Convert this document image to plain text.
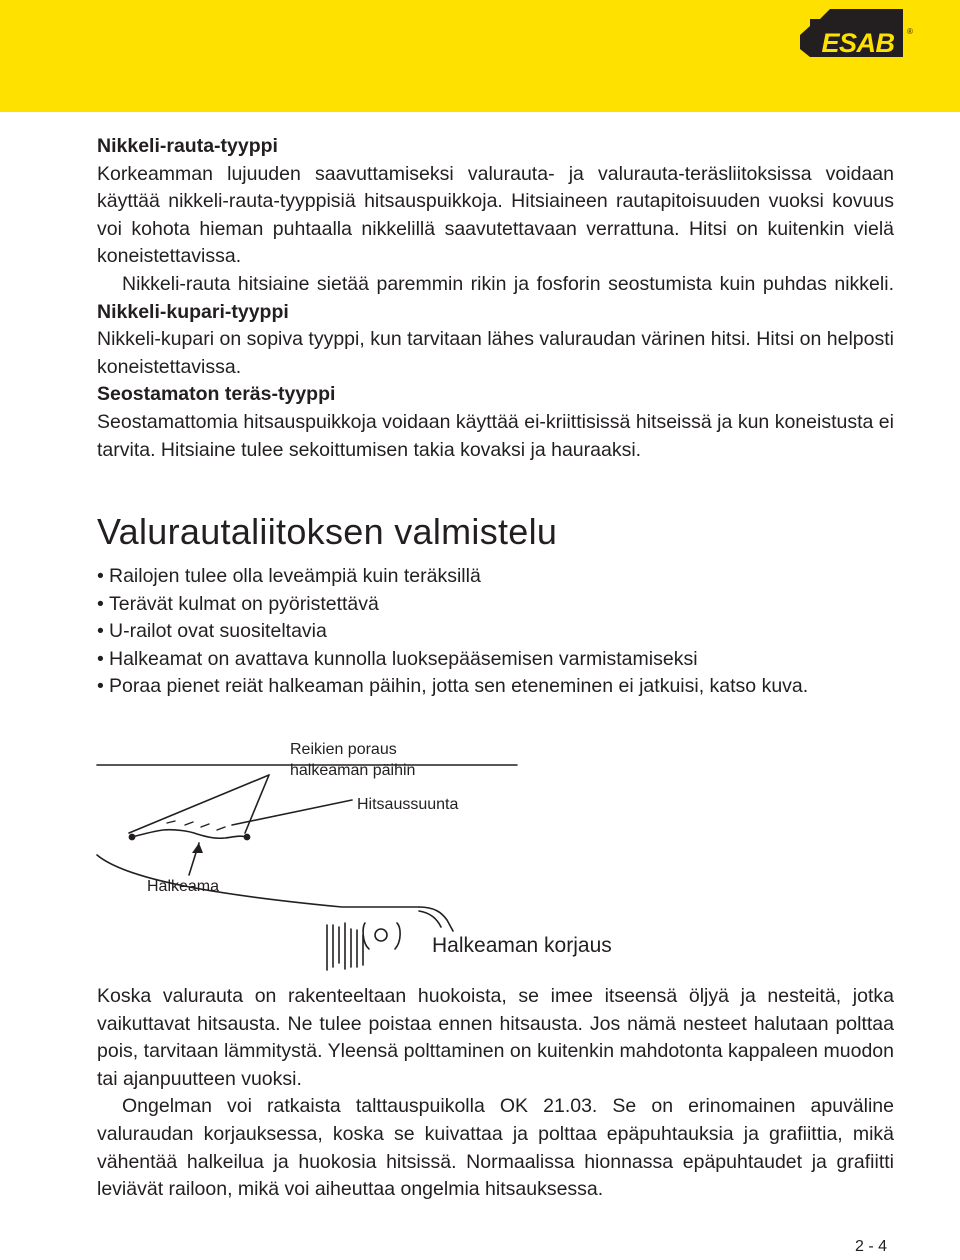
ESAB ®
Nikkeli-rauta-tyyppi

Korkeamman lujuuden saavuttamiseksi valurauta- ja valurauta-teräsliitoksissa voidaan käyttää nikkeli-rauta-tyyppisiä hitsauspuikkoja. Hitsiaineen rautapitoisuuden vuoksi kovuus voi kohota hieman puhtaalla nikkelillä saavutettavaan verrattuna. Hitsi on kuitenkin vielä koneistettavissa.

Nikkeli-rauta hitsiaine sietää paremmin rikin ja fosforin seostumista kuin puhdas nikkeli.

Nikkeli-kupari-tyyppi

Nikkeli-kupari on sopiva tyyppi, kun tarvitaan lähes valuraudan värinen hitsi. Hitsi on helposti koneistettavissa.

Seostamaton teräs-tyyppi

Seostamattomia hitsauspuikkoja voidaan käyttää ei-kriittisissä hitseissä ja kun koneistusta ei tarvita. Hitsiaine tulee sekoittumisen takia kovaksi ja hauraaksi.

Valurautaliitoksen valmistelu
• Railojen tulee olla leveämpiä kuin teräksillä
• Terävät kulmat on pyöristettävä
• U-railot ovat suositeltavia
• Halkeamat on avattava kunnolla luoksepääsemisen varmistamiseksi
• Poraa pienet reiät halkeaman päihin, jotta sen eteneminen ei jatkuisi, katso kuva.
Reikien poraus
halkeaman päihin
Hitsaussuunta
Halkeama
Halkeaman korjaus

Koska valurauta on rakenteeltaan huokoista, se imee itseensä öljyä ja nesteitä, jotka vaikuttavat hitsausta. Ne tulee poistaa ennen hitsausta. Jos nämä nesteet halutaan polttaa pois, tarvitaan lämmitystä. Yleensä polttaminen on kuitenkin mahdotonta kappaleen muodon tai ajanpuutteen vuoksi.

Ongelman voi ratkaista talttauspuikolla OK 21.03. Se on erinomainen apuväline valuraudan korjauksessa, koska se kuivattaa ja polttaa epäpuhtauksia ja grafiittia, mikä vähentää halkeilua ja huokosia hitsissä. Normaalissa hionnassa epäpuhtaudet ja grafiitti leviävät railoon, mikä voi aiheuttaa ongelmia hitsauksessa.

2 - 4
